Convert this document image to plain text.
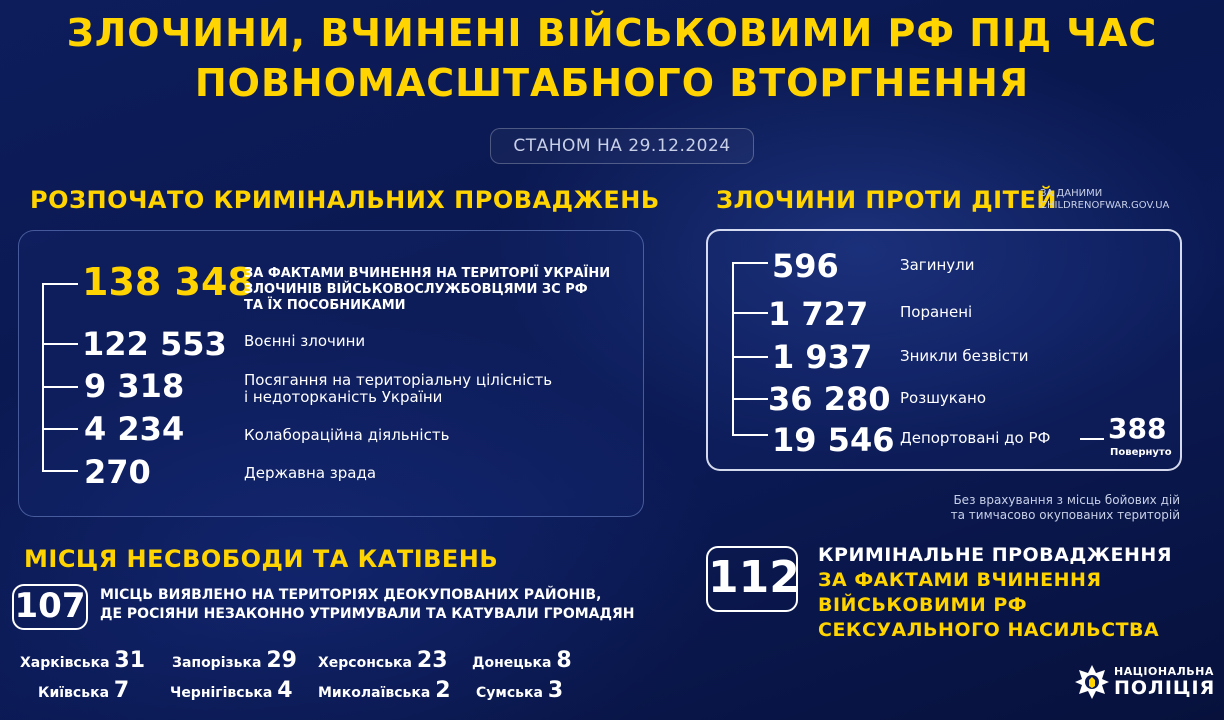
ЗЛОЧИНИ, ВЧИНЕНІ ВІЙСЬКОВИМИ РФ ПІД ЧАС
ПОВНОМАСШТАБНОГО ВТОРГНЕННЯ
СТАНОМ НА 29.12.2024
РОЗПОЧАТО КРИМІНАЛЬНИХ ПРОВАДЖЕНЬ
138 348
ЗА ФАКТАМИ ВЧИНЕННЯ НА ТЕРИТОРІЇ УКРАЇНИ
ЗЛОЧИНІВ ВІЙСЬКОВОСЛУЖБОВЦЯМИ ЗС РФ
ТА ЇХ ПОСОБНИКАМИ
122 553 Воєнні злочини
9 318	Посягання на територіальну цілісність
і недоторканість України
4 234	Колабораційна діяльність
270	Державна зрада
ЗЛОЧИНИ ПРОТИ ДІТЕЙ
ЗА ДАНИМИ
CHILDRENOFWAR.GOV.UA
596	Загинули
1 727 Поранені
1 937 Зникли безвісти
36 280 Розшукано
19 546 Депортовані до РФ 388
Повернуто
Без врахування з місць бойових дій
та тимчасово окупованих територій
112 КРИМІНАЛЬНЕ ПРОВАДЖЕННЯ
ЗА ФАКТАМИ ВЧИНЕННЯ
ВІЙСЬКОВИМИ РФ
СЕКСУАЛЬНОГО НАСИЛЬСТВА
МІСЦЯ НЕСВОБОДИ ТА КАТІВЕНЬ
107 МІСЦЬ ВИЯВЛЕНО НА ТЕРИТОРІЯХ ДЕОКУПОВАНИХ РАЙОНІВ,
ДЕ РОСІЯНИ НЕЗАКОННО УТРИМУВАЛИ ТА КАТУВАЛИ ГРОМАДЯН
Харківська 31 Запорізька 29 Херсонська 23 Донецька 8
Київська 7	Чернігівська 4 Миколаївська 2 Сумська 3
НАЦІОНАЛЬНА
ПОЛІЦІЯ
